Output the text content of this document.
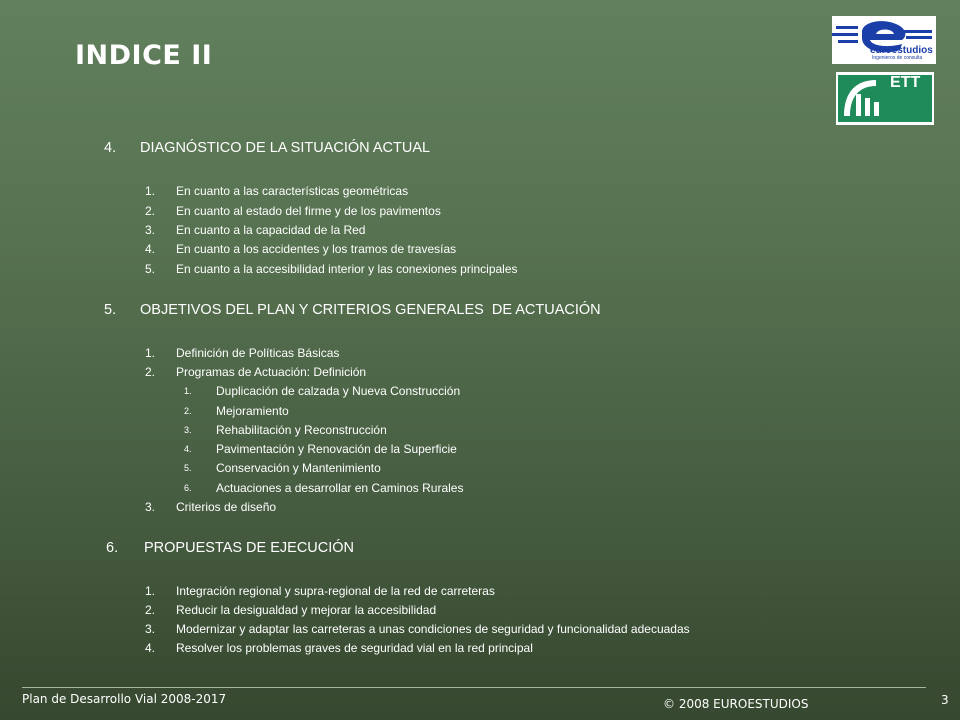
INDICE II	euroestudios
Ingenieros de consulta
ETT
4.	DIAGNÓSTICO DE LA SITUACIÓN ACTUAL
1.	En cuanto a las características geométricas
2.	En cuanto al estado del firme y de los pavimentos
3.	En cuanto a la capacidad de la Red
4.	En cuanto a los accidentes y los tramos de travesías
5.	En cuanto a la accesibilidad interior y las conexiones principales
5.	OBJETIVOS DEL PLAN Y CRITERIOS GENERALES  DE ACTUACIÓN
1.	Definición de Políticas Básicas
2.	Programas de Actuación: Definición
1.	Duplicación de calzada y Nueva Construcción
2.	Mejoramiento
3.	Rehabilitación y Reconstrucción
4.	Pavimentación y Renovación de la Superficie
5.	Conservación y Mantenimiento
6.	Actuaciones a desarrollar en Caminos Rurales
3.	Criterios de diseño
6.	PROPUESTAS DE EJECUCIÓN
1.	Integración regional y supra-regional de la red de carreteras
2.	Reducir la desigualdad y mejorar la accesibilidad
3.	Modernizar y adaptar las carreteras a unas condiciones de seguridad y funcionalidad adecuadas
4.	Resolver los problemas graves de seguridad vial en la red principal
Plan de Desarrollo Vial 2008-2017	© 2008 EUROESTUDIOS	3
